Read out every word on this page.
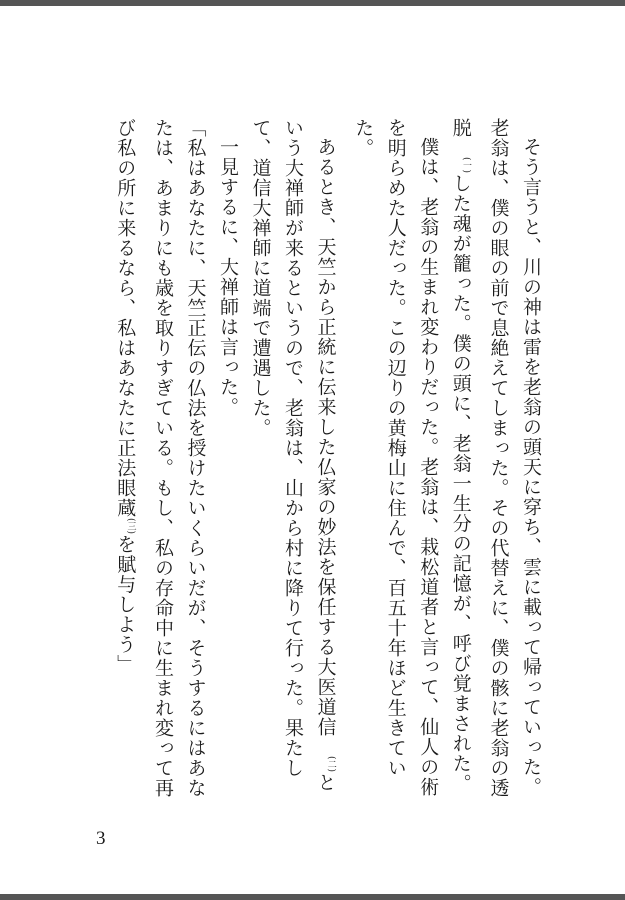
そう言うと、川の神は雷を老翁の頭天に穿ち、雲に載って帰っていった。老翁は、僕の眼の前で息絶えてしまった。その代替えに、僕の骸に老翁の透脱(一)した魂が籠った。僕の頭に、老翁一生分の記憶が、呼び覚まされた。

僕は、老翁の生まれ変わりだった。老翁は、栽松道者と言って、仙人の術を明らめた人だった。この辺りの黄梅山に住んで、百五十年ほど生きていた。

あるとき、天竺から正統に伝来した仏家の妙法を保任する大医道信(二)という大禅師が来るというので、老翁は、山から村に降りて行った。果たして、道信大禅師に道端で遭遇した。

一見するに、大禅師は言った。

「私はあなたに、天竺正伝の仏法を授けたいくらいだが、そうするにはあなたは、あまりにも歳を取りすぎている。もし、私の存命中に生まれ変って再び私の所に来るなら、私はあなたに正法眼蔵(三)を賦与しよう」

3
